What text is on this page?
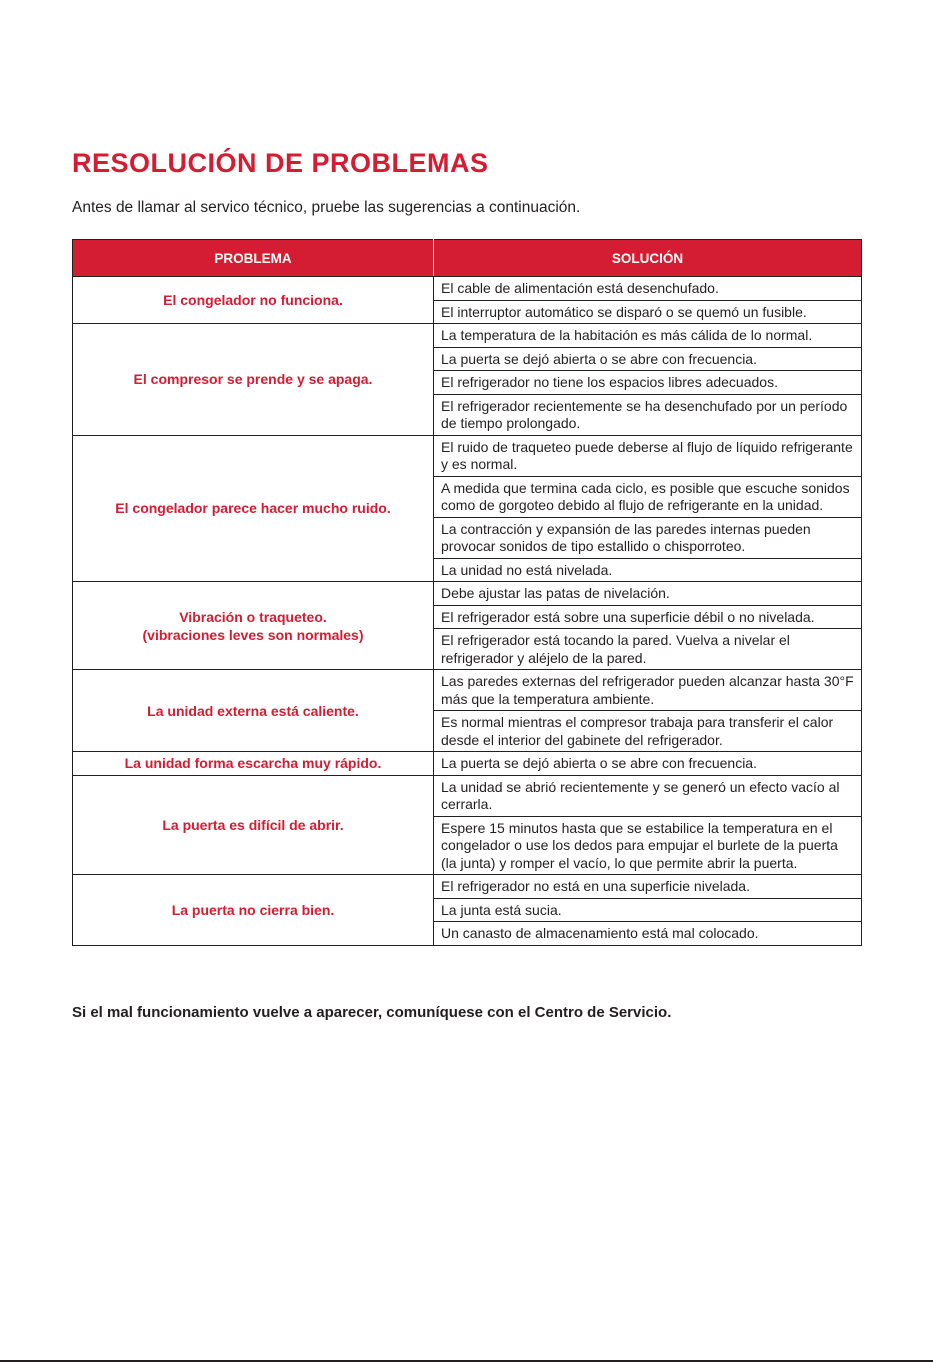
RESOLUCIÓN DE PROBLEMAS

Antes de llamar al servico técnico, pruebe las sugerencias a continuación.

PROBLEMA	SOLUCIÓN

El congelador no funciona.	El cable de alimentación está desenchufado.
	El interruptor automático se disparó o se quemó un fusible.

El compresor se prende y se apaga.	La temperatura de la habitación es más cálida de lo normal.
	La puerta se dejó abierta o se abre con frecuencia.
	El refrigerador no tiene los espacios libres adecuados.
	El refrigerador recientemente se ha desenchufado por un período de tiempo prolongado.

El congelador parece hacer mucho ruido.	El ruido de traqueteo puede deberse al flujo de líquido refrigerante y es normal.
	A medida que termina cada ciclo, es posible que escuche sonidos como de gorgoteo debido al flujo de refrigerante en la unidad.
	La contracción y expansión de las paredes internas pueden provocar sonidos de tipo estallido o chisporroteo.
	La unidad no está nivelada.

Vibración o traqueteo.
(vibraciones leves son normales)	Debe ajustar las patas de nivelación.
	El refrigerador está sobre una superficie débil o no nivelada.
	El refrigerador está tocando la pared. Vuelva a nivelar el refrigerador y aléjelo de la pared.

La unidad externa está caliente.	Las paredes externas del refrigerador pueden alcanzar hasta 30°F más que la temperatura ambiente.
	Es normal mientras el compresor trabaja para transferir el calor desde el interior del gabinete del refrigerador.

La unidad forma escarcha muy rápido.	La puerta se dejó abierta o se abre con frecuencia.

La puerta es difícil de abrir.	La unidad se abrió recientemente y se generó un efecto vacío al cerrarla.
	Espere 15 minutos hasta que se estabilice la temperatura en el congelador o use los dedos para empujar el burlete de la puerta (la junta) y romper el vacío, lo que permite abrir la puerta.

La puerta no cierra bien.	El refrigerador no está en una superficie nivelada.
	La junta está sucia.
	Un canasto de almacenamiento está mal colocado.

Si el mal funcionamiento vuelve a aparecer, comuníquese con el Centro de Servicio.
